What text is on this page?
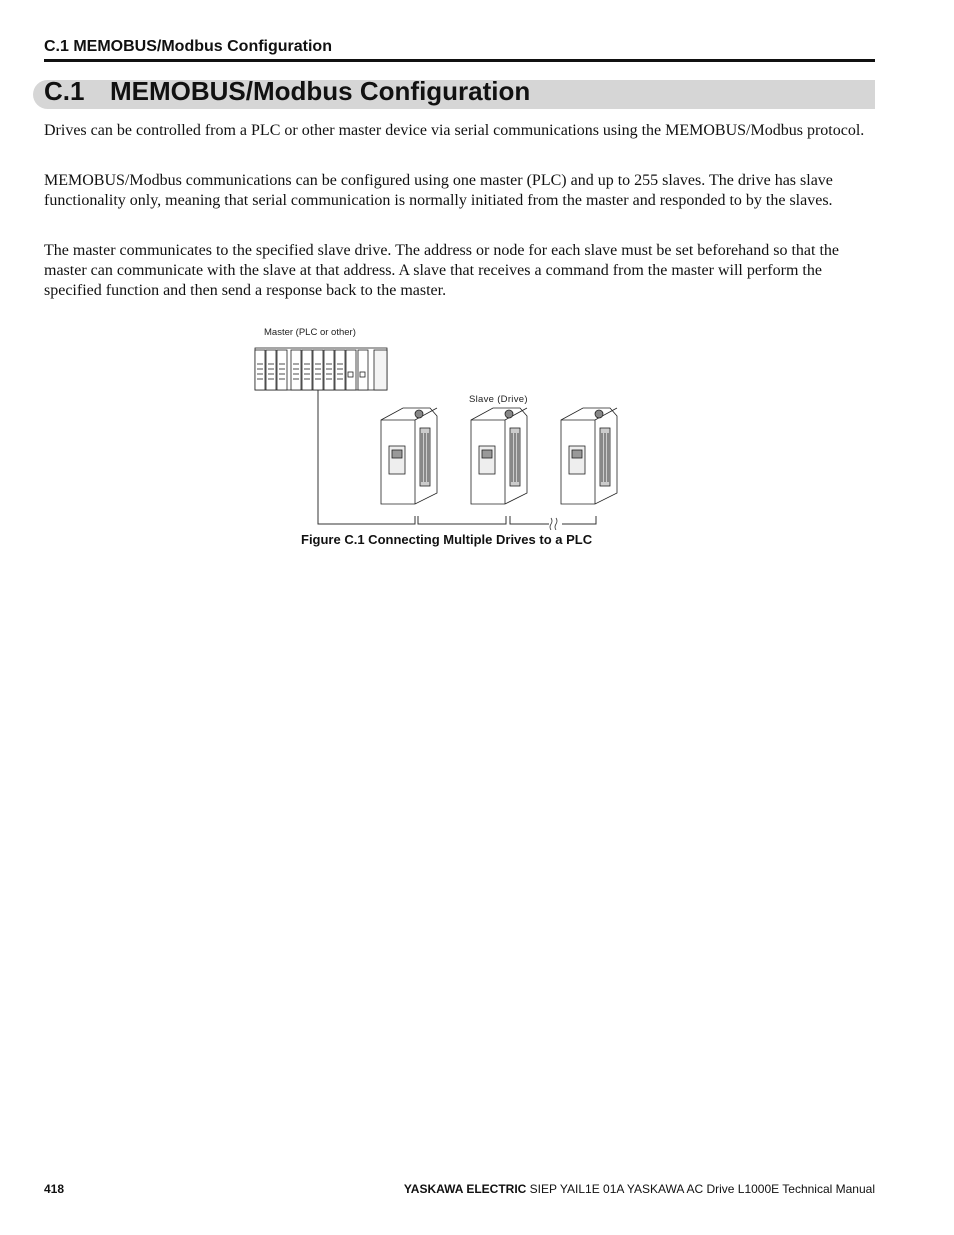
C.1 MEMOBUS/Modbus Configuration
C.1 MEMOBUS/Modbus Configuration

Drives can be controlled from a PLC or other master device via serial communications using the MEMOBUS/Modbus protocol.

MEMOBUS/Modbus communications can be configured using one master (PLC) and up to 255 slaves. The drive has slave functionality only, meaning that serial communication is normally initiated from the master and responded to by the slaves.

The master communicates to the specified slave drive. The address or node for each slave must be set beforehand so that the master can communicate with the slave at that address. A slave that receives a command from the master will perform the specified function and then send a response back to the master.

Master (PLC or other)
Slave (Drive)
Figure C.1 Connecting Multiple Drives to a PLC
418	YASKAWA ELECTRIC SIEP YAIL1E 01A YASKAWA AC Drive L1000E Technical Manual
